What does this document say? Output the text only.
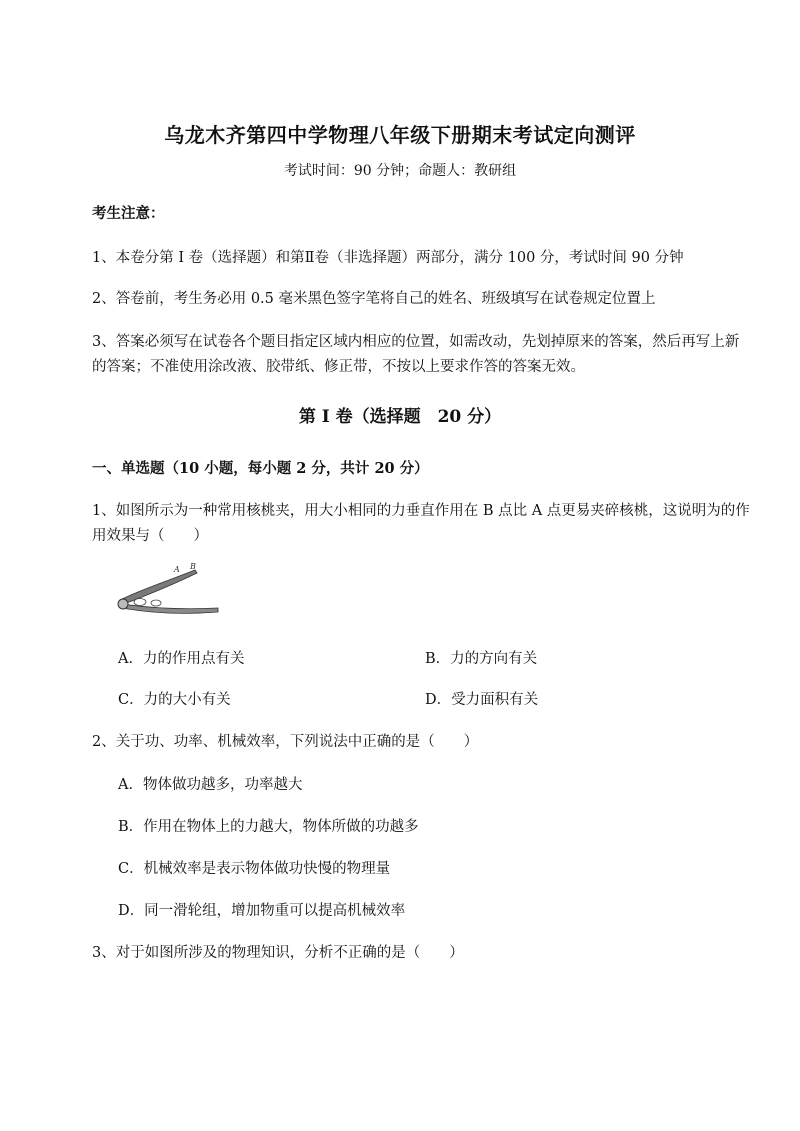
乌龙木齐第四中学物理八年级下册期末考试定向测评
考试时间：90 分钟；命题人：教研组
考生注意：
1、本卷分第 I 卷（选择题）和第Ⅱ卷（非选择题）两部分，满分 100 分，考试时间 90 分钟
2、答卷前，考生务必用 0.5 毫米黑色签字笔将自己的姓名、班级填写在试卷规定位置上
3、答案必须写在试卷各个题目指定区域内相应的位置，如需改动，先划掉原来的答案，然后再写上新
的答案；不准使用涂改液、胶带纸、修正带，不按以上要求作答的答案无效。
第 I 卷（选择题　20 分）
一、单选题（10 小题，每小题 2 分，共计 20 分）
1、如图所示为一种常用核桃夹，用大小相同的力垂直作用在 B 点比 A 点更易夹碎核桃，这说明为的作
用效果与（　　）
A B
A．力的作用点有关	B．力的方向有关
C．力的大小有关	D．受力面积有关
2、关于功、功率、机械效率，下列说法中正确的是（　　）
A．物体做功越多，功率越大
B．作用在物体上的力越大，物体所做的功越多
C．机械效率是表示物体做功快慢的物理量
D．同一滑轮组，增加物重可以提高机械效率
3、对于如图所涉及的物理知识，分析不正确的是（　　）
